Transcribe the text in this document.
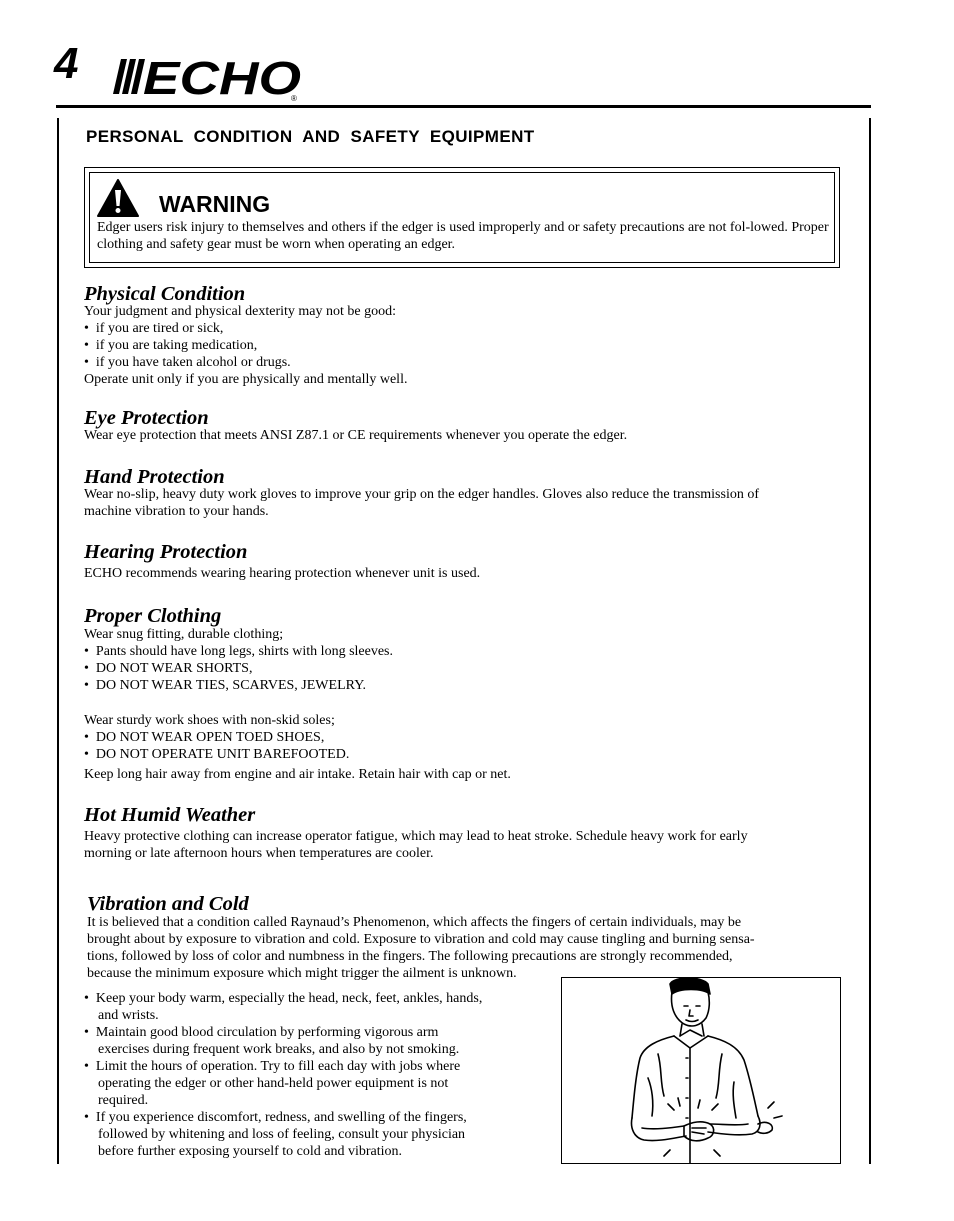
4 ECHO
®
PERSONAL  CONDITION  AND  SAFETY  EQUIPMENT
WARNING
Edger users risk injury to themselves and others if the edger is used improperly and or safety precautions are not fol-lowed. Proper clothing and safety gear must be worn when operating an edger.
Physical Condition
Your judgment and physical dexterity may not be good:
• if you are tired or sick,
• if you are taking medication,
• if you have taken alcohol or drugs.
Operate unit only if you are physically and mentally well.
Eye Protection
Wear eye protection that meets ANSI Z87.1 or CE requirements whenever you operate the edger.
Hand Protection
Wear no-slip, heavy duty work gloves to improve your grip on the edger handles. Gloves also reduce the transmission of
machine vibration to your hands.
Hearing Protection
ECHO recommends wearing hearing protection whenever unit is used.
Proper Clothing
Wear snug fitting, durable clothing;
• Pants should have long legs, shirts with long sleeves.
• DO NOT WEAR SHORTS,
• DO NOT WEAR TIES, SCARVES, JEWELRY.
Wear sturdy work shoes with non-skid soles;
• DO NOT WEAR OPEN TOED SHOES,
• DO NOT OPERATE UNIT BAREFOOTED.
Keep long hair away from engine and air intake. Retain hair with cap or net.
Hot Humid Weather
Heavy protective clothing can increase operator fatigue, which may lead to heat stroke. Schedule heavy work for early
morning or late afternoon hours when temperatures are cooler.
Vibration and Cold
It is believed that a condition called Raynaud’s Phenomenon, which affects the fingers of certain individuals, may be
brought about by exposure to vibration and cold. Exposure to vibration and cold may cause tingling and burning sensa-
tions, followed by loss of color and numbness in the fingers. The following precautions are strongly recommended,
because the minimum exposure which might trigger the ailment is unknown.
• Keep your body warm, especially the head, neck, feet, ankles, hands,
and wrists.
• Maintain good blood circulation by performing vigorous arm
exercises during frequent work breaks, and also by not smoking.
• Limit the hours of operation. Try to fill each day with jobs where
operating the edger or other hand-held power equipment is not
required.
• If you experience discomfort, redness, and swelling of the fingers,
followed by whitening and loss of feeling, consult your physician
before further exposing yourself to cold and vibration.
